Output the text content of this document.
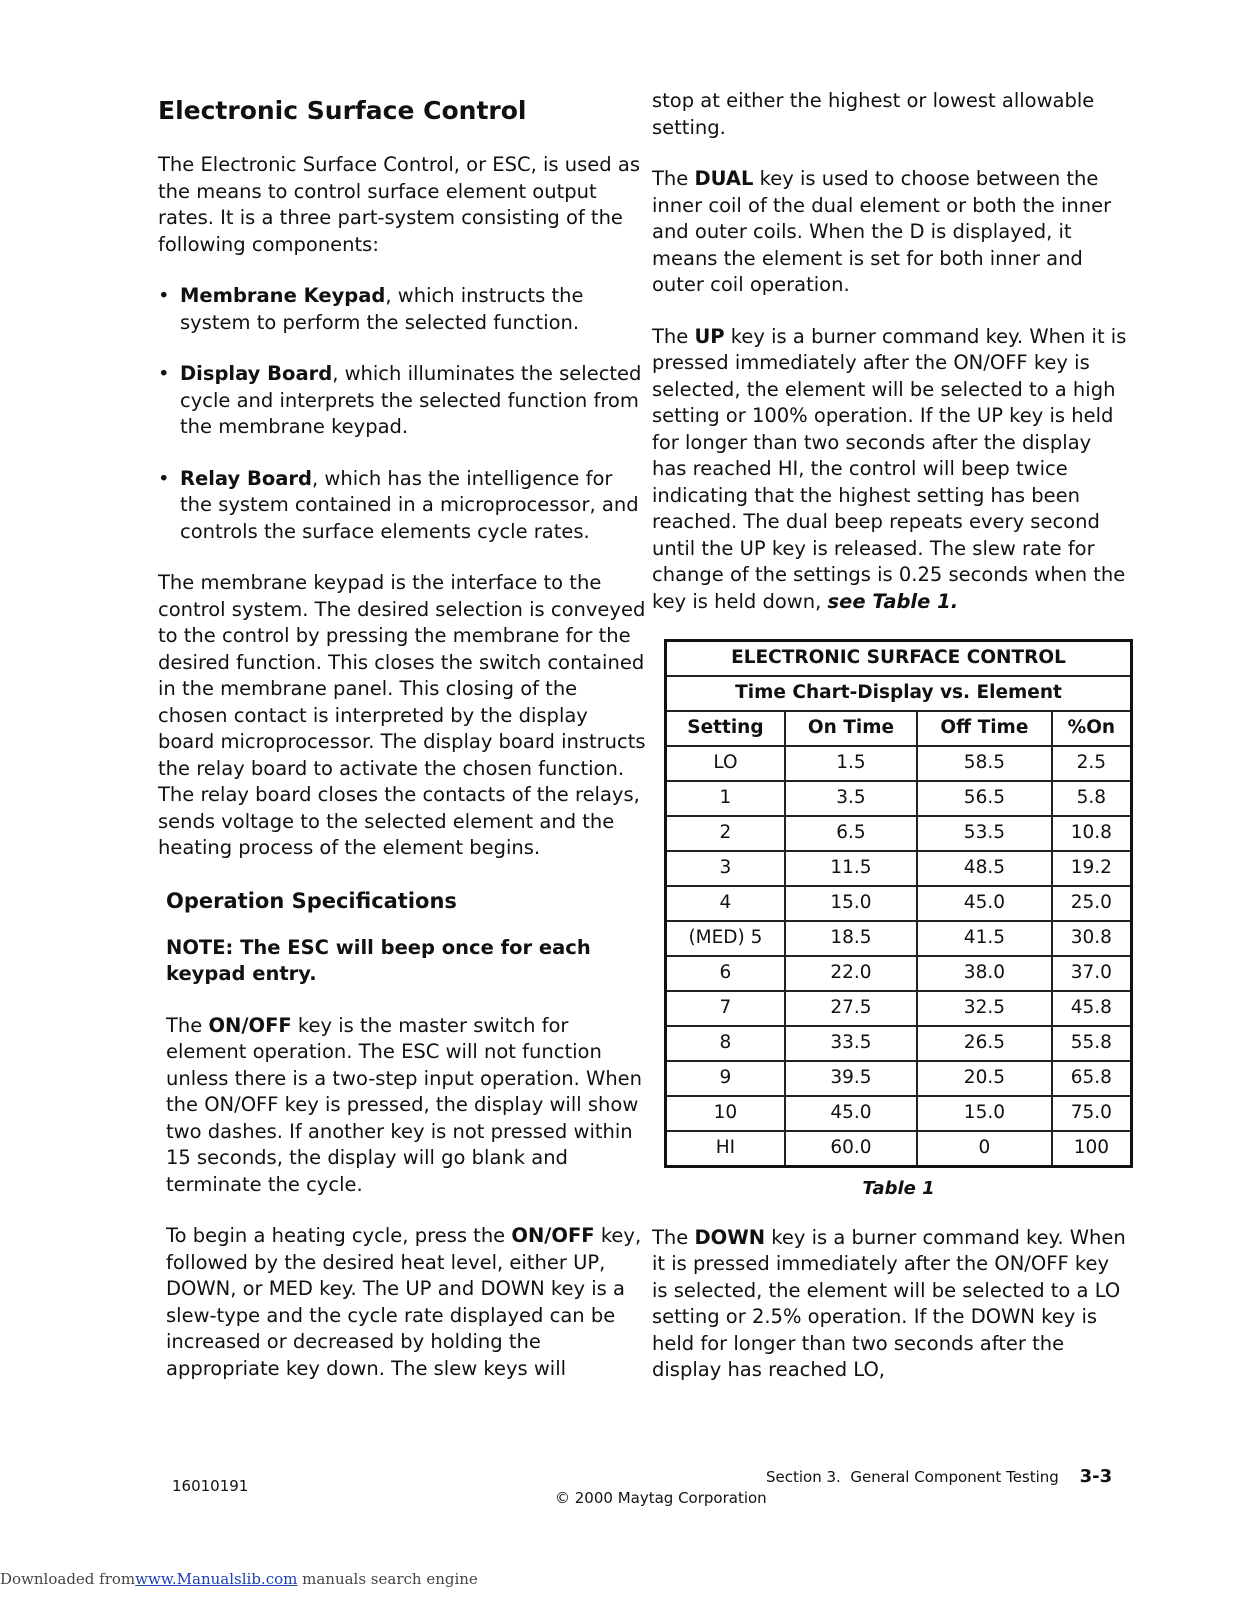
Electronic Surface Control

The Electronic Surface Control, or ESC, is used as the means to control surface element output rates. It is a three part-system consisting of the following components:

• Membrane Keypad, which instructs the system to perform the selected function.
• Display Board, which illuminates the selected cycle and interprets the selected function from the membrane keypad.
• Relay Board, which has the intelligence for the system contained in a microprocessor, and controls the surface elements cycle rates.

The membrane keypad is the interface to the control system. The desired selection is conveyed to the control by pressing the membrane for the desired function. This closes the switch contained in the membrane panel. This closing of the chosen contact is interpreted by the display board microprocessor. The display board instructs the relay board to activate the chosen function. The relay board closes the contacts of the relays, sends voltage to the selected element and the heating process of the element begins.

Operation Specifications

NOTE: The ESC will beep once for each keypad entry.

The ON/OFF key is the master switch for element operation. The ESC will not function unless there is a two-step input operation. When the ON/OFF key is pressed, the display will show two dashes. If another key is not pressed within 15 seconds, the display will go blank and terminate the cycle.

To begin a heating cycle, press the ON/OFF key, followed by the desired heat level, either UP, DOWN, or MED key. The UP and DOWN key is a slew-type and the cycle rate displayed can be increased or decreased by holding the appropriate key down. The slew keys will

stop at either the highest or lowest allowable setting.

The DUAL key is used to choose between the inner coil of the dual element or both the inner and outer coils. When the D is displayed, it means the element is set for both inner and outer coil operation.

The UP key is a burner command key. When it is pressed immediately after the ON/OFF key is selected, the element will be selected to a high setting or 100% operation. If the UP key is held for longer than two seconds after the display has reached HI, the control will beep twice indicating that the highest setting has been reached. The dual beep repeats every second until the UP key is released. The slew rate for change of the settings is 0.25 seconds when the key is held down, see Table 1.

ELECTRONIC SURFACE CONTROL			
Time Chart-Display vs. Element			
Setting	On Time	Off Time	%On
LO	1.5	58.5	2.5
1	3.5	56.5	5.8
2	6.5	53.5	10.8
3	11.5	48.5	19.2
4	15.0	45.0	25.0
(MED) 5	18.5	41.5	30.8
6	22.0	38.0	37.0
7	27.5	32.5	45.8
8	33.5	26.5	55.8
9	39.5	20.5	65.8
10	45.0	15.0	75.0
HI	60.0	0	100
Table 1

The DOWN key is a burner command key. When it is pressed immediately after the ON/OFF key is selected, the element will be selected to a LO setting or 2.5% operation. If the DOWN key is held for longer than two seconds after the display has reached LO,

16010191
© 2000 Maytag Corporation
Section 3.  General Component Testing 3-3
Downloaded fromwww.Manualslib.com manuals search engine
